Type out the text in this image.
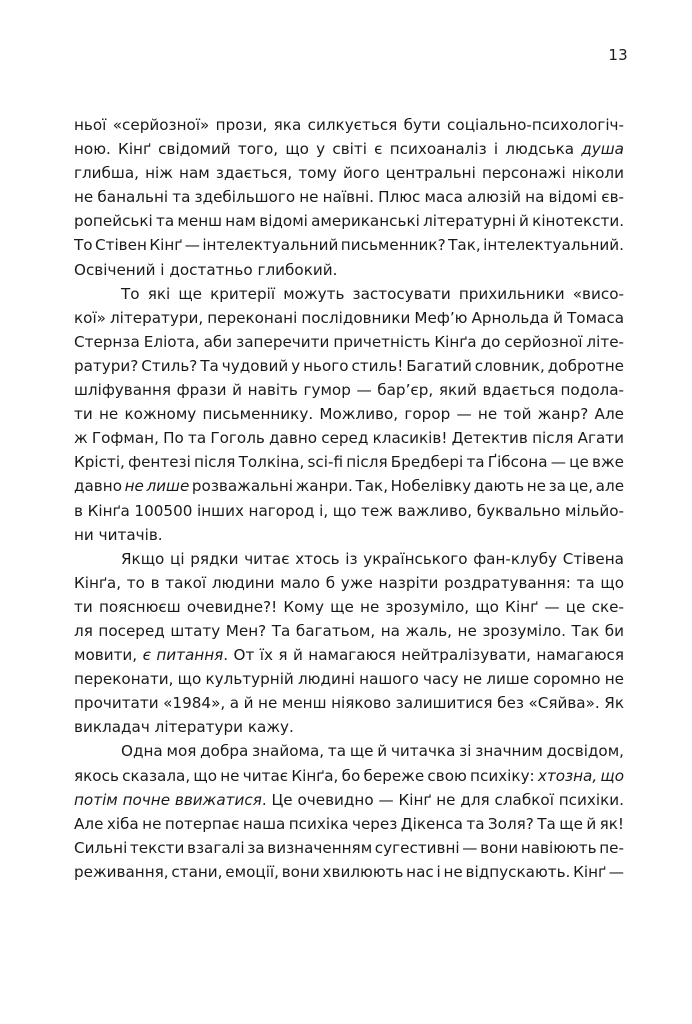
13
ньої «серйозної» прози, яка силкується бути соціально-психологіч-
ною. Кінґ свідомий того, що у світі є психоаналіз і людська душа
глибша, ніж нам здається, тому його центральні персонажі ніколи
не банальні та здебільшого не наївні. Плюс маса алюзій на відомі єв-
ропейські та менш нам відомі американські літературні й кінотексти.
То Стівен Кінґ — інтелектуальний письменник? Так, інтелектуальний.
Освічений і достатньо глибокий.
То які ще критерії можуть застосувати прихильники «висо-
кої» літератури, переконані послідовники Меф’ю Арнольда й Томаса
Стернза Еліота, аби заперечити причетність Кінґа до серйозної літе-
ратури? Стиль? Та чудовий у нього стиль! Багатий словник, добротне
шліфування фрази й навіть гумор — бар’єр, який вдається подола-
ти не кожному письменнику. Можливо, горор — не той жанр? Але
ж Гофман, По та Гоголь давно серед класиків! Детектив після Агати
Крісті, фентезі після Толкіна, sci-fi після Бредбері та Ґібсона — це вже
давно не лише розважальні жанри. Так, Нобелівку дають не за це, але
в Кінґа 100500 інших нагород і, що теж важливо, буквально мільйо-
ни читачів.
Якщо ці рядки читає хтось із українського фан-клубу Стівена
Кінґа, то в такої людини мало б уже назріти роздратування: та що
ти пояснюєш очевидне?! Кому ще не зрозуміло, що Кінґ — це ске-
ля посеред штату Мен? Та багатьом, на жаль, не зрозуміло. Так би
мовити, є питання. От їх я й намагаюся нейтралізувати, намагаюся
переконати, що культурній людині нашого часу не лише соромно не
прочитати «1984», а й не менш ніяково залишитися без «Сяйва». Як
викладач літератури кажу.
Одна моя добра знайома, та ще й читачка зі значним досвідом,
якось сказала, що не читає Кінґа, бо береже свою психіку: хтозна, що
потім почне ввижатися. Це очевидно — Кінґ не для слабкої психіки.
Але хіба не потерпає наша психіка через Дікенса та Золя? Та ще й як!
Сильні тексти взагалі за визначенням сугестивні — вони навіюють пе-
реживання, стани, емоції, вони хвилюють нас і не відпускають. Кінґ —
